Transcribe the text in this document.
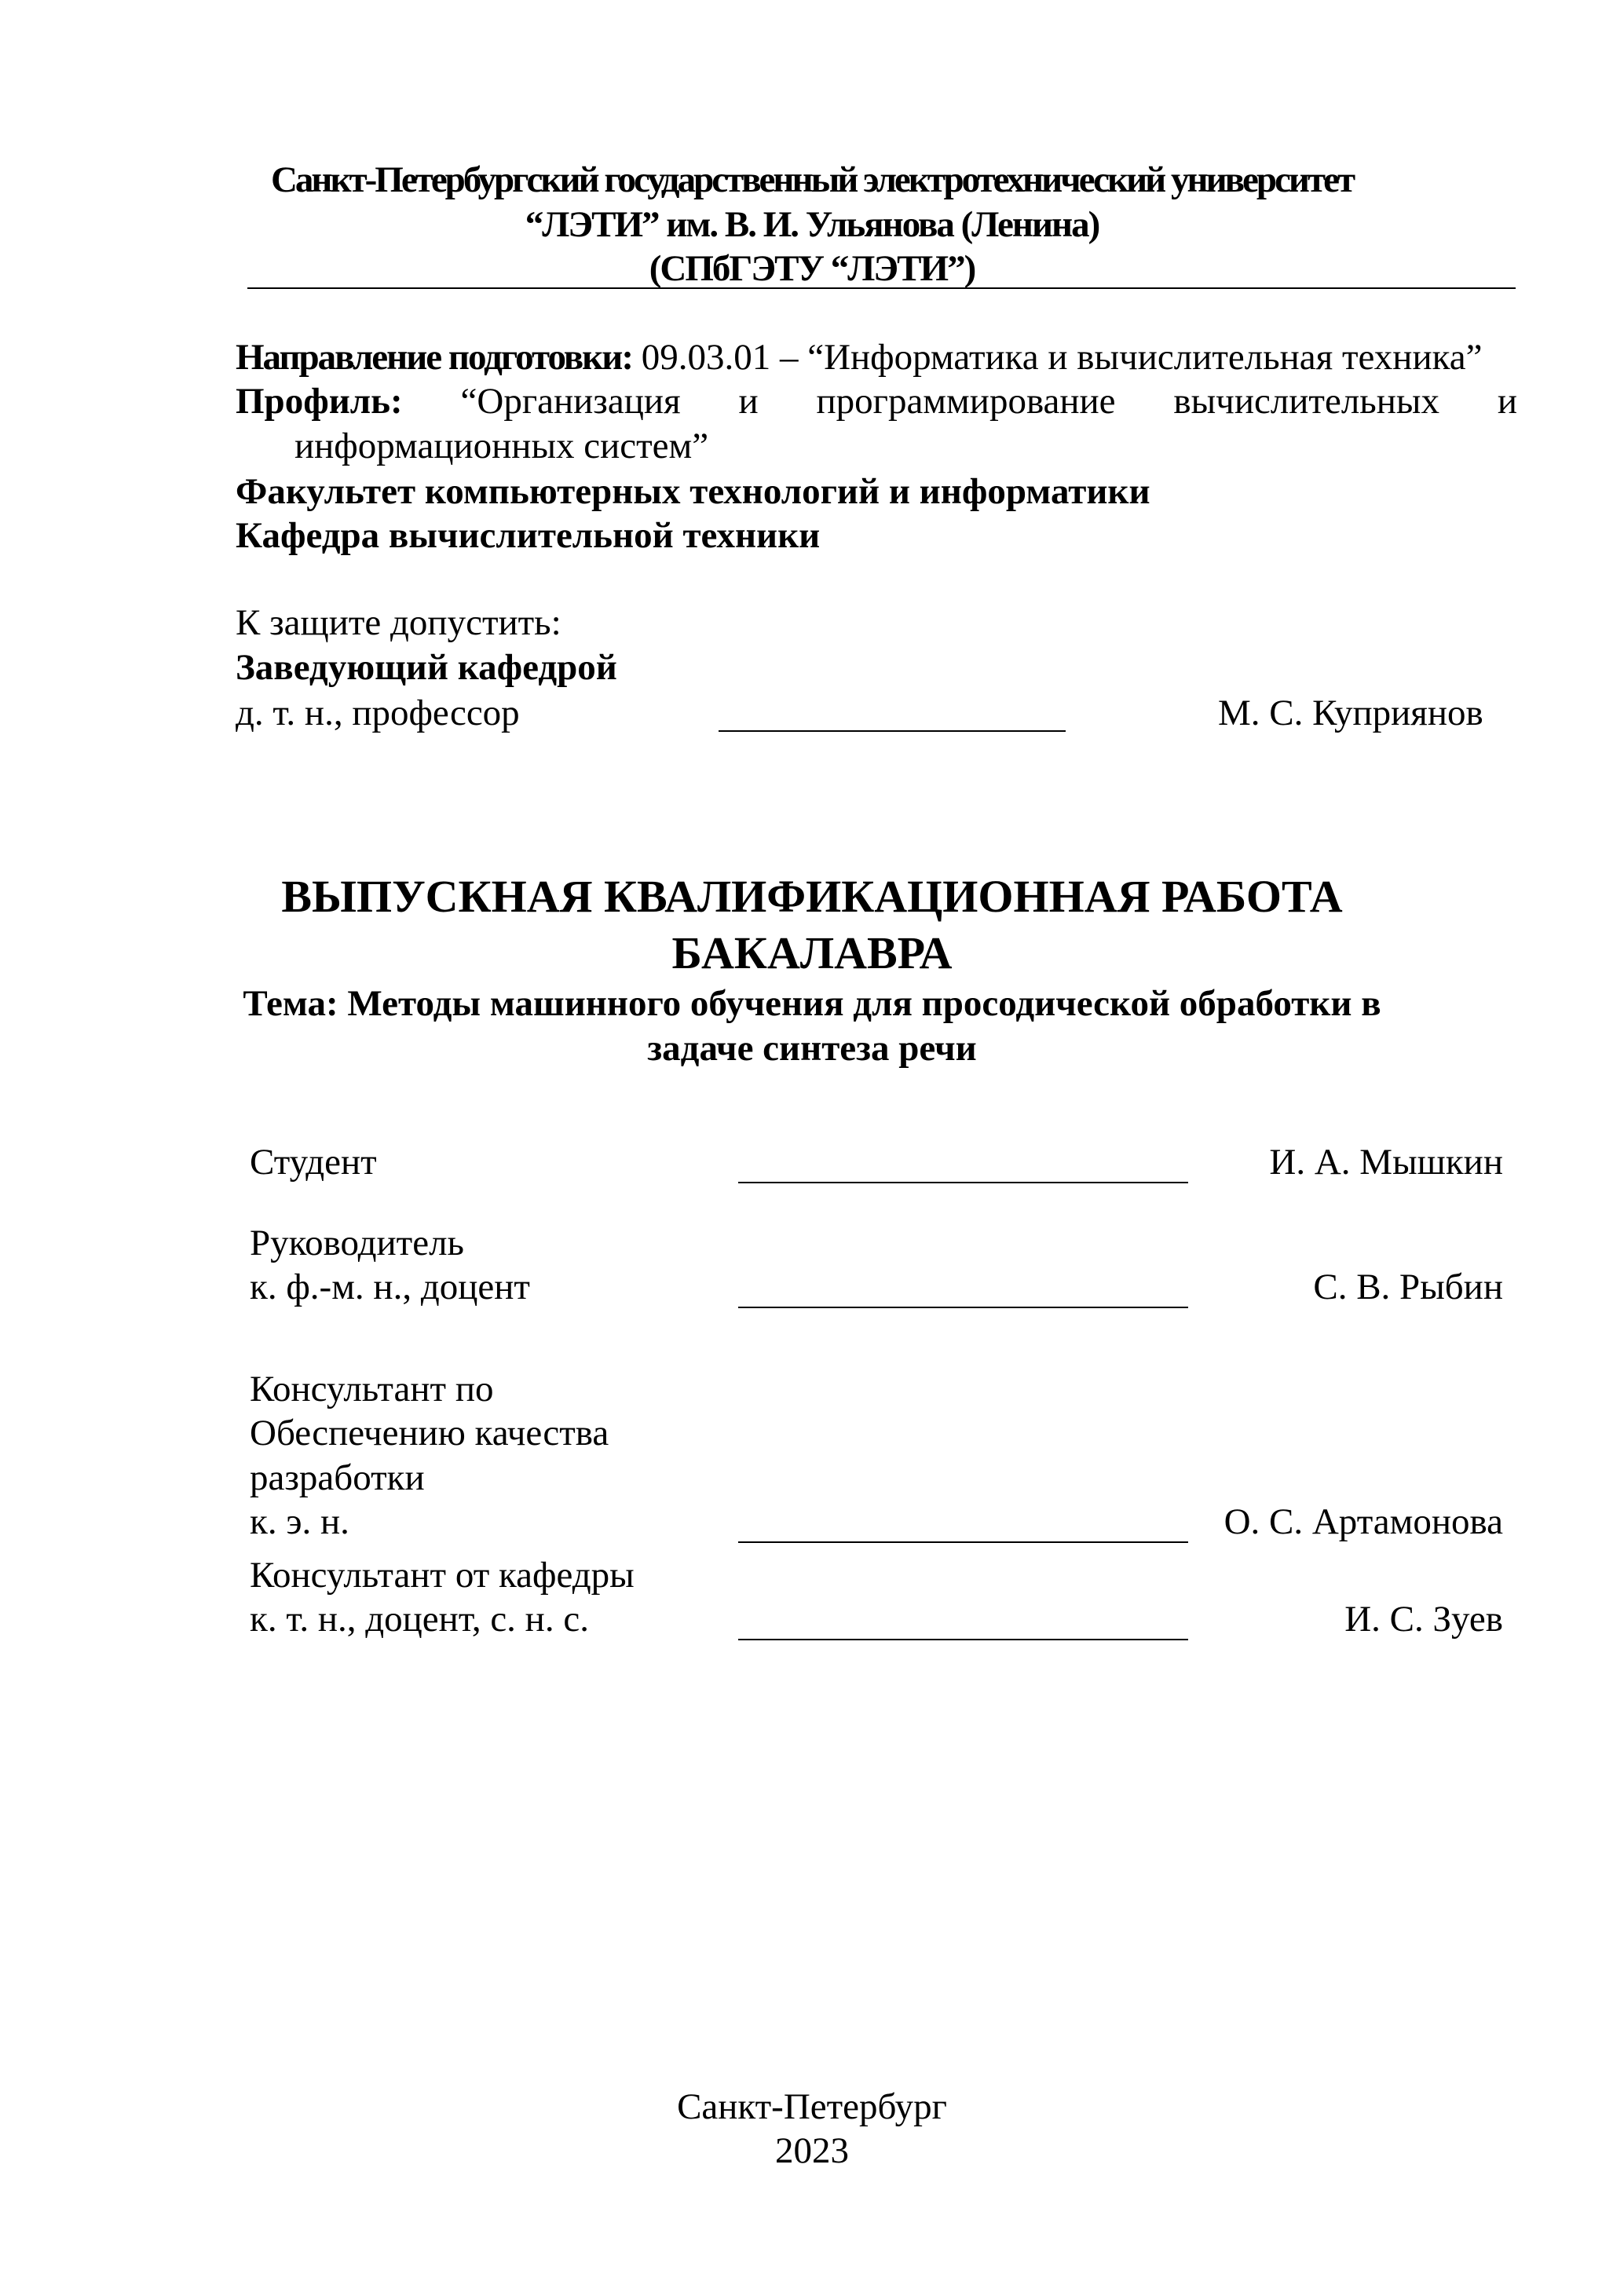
Санкт-Петербургский государственный электротехнический университет
“ЛЭТИ” им. В. И. Ульянова (Ленина)
(СПбГЭТУ “ЛЭТИ”)
Направление подготовки: 09.03.01 – “Информатика и вычислительная техника”
Профиль: “Организация и программирование вычислительных и
информационных систем”
Факультет компьютерных технологий и информатики
Кафедра вычислительной техники
К защите допустить:
Заведующий кафедрой
д. т. н., профессор	М. С. Куприянов
ВЫПУСКНАЯ КВАЛИФИКАЦИОННАЯ РАБОТА
БАКАЛАВРА
Тема: Методы машинного обучения для просодической обработки в
задаче синтеза речи
Студент	И. А. Мышкин
Руководитель
к. ф.-м. н., доцент	С. В. Рыбин
Консультант по
Обеспечению качества
разработки
к. э. н.	О. С. Артамонова
Консультант от кафедры
к. т. н., доцент, с. н. с.	И. С. Зуев
Санкт-Петербург
2023
